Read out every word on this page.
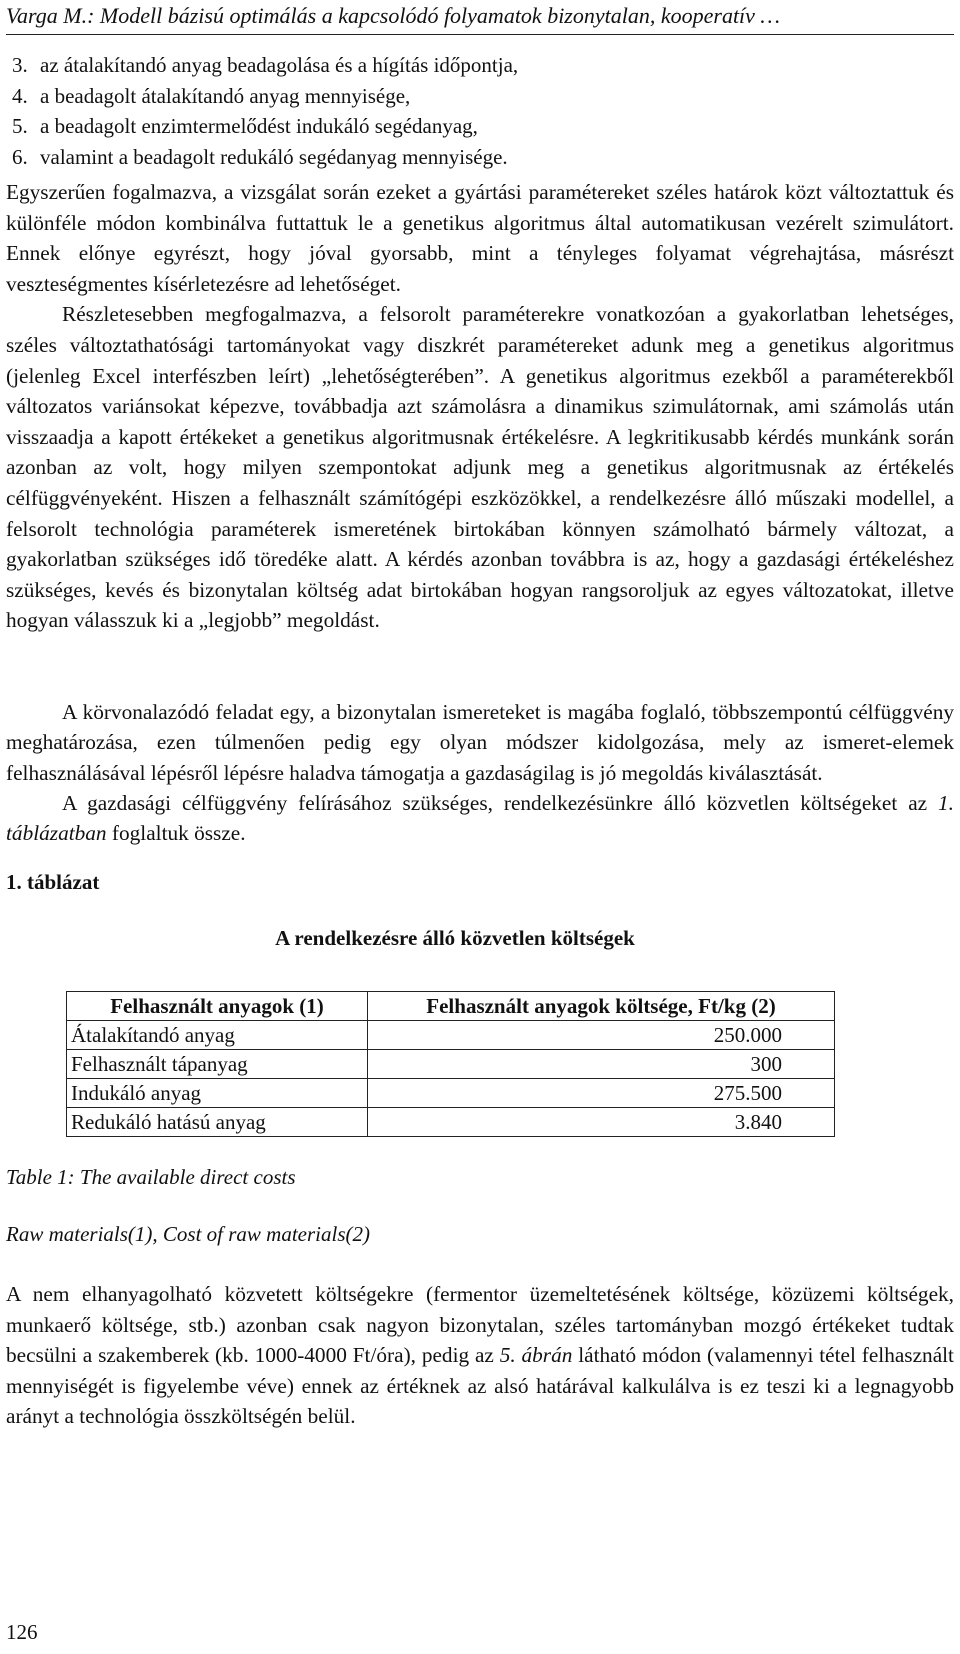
Varga M.: Modell bázisú optimálás a kapcsolódó folyamatok bizonytalan, kooperatív …
3. az átalakítandó anyag beadagolása és a hígítás időpontja,
4. a beadagolt átalakítandó anyag mennyisége,
5. a beadagolt enzimtermelődést indukáló segédanyag,
6. valamint a beadagolt redukáló segédanyag mennyisége.
Egyszerűen fogalmazva, a vizsgálat során ezeket a gyártási paramétereket széles határok közt változtattuk és különféle módon kombinálva futtattuk le a genetikus algoritmus által automatikusan vezérelt szimulátort. Ennek előnye egyrészt, hogy jóval gyorsabb, mint a tényleges folyamat végrehajtása, másrészt veszteségmentes kísérletezésre ad lehetőséget.
Részletesebben megfogalmazva, a felsorolt paraméterekre vonatkozóan a gyakorlatban lehetséges, széles változtathatósági tartományokat vagy diszkrét paramétereket adunk meg a genetikus algoritmus (jelenleg Excel interfészben leírt) „lehetőségterében”. A genetikus algoritmus ezekből a paraméterekből változatos variánsokat képezve, továbbadja azt számolásra a dinamikus szimulátornak, ami számolás után visszaadja a kapott értékeket a genetikus algoritmusnak értékelésre. A legkritikusabb kérdés munkánk során azonban az volt, hogy milyen szempontokat adjunk meg a genetikus algoritmusnak az értékelés célfüggvényeként. Hiszen a felhasznált számítógépi eszközökkel, a rendelkezésre álló műszaki modellel, a felsorolt technológia paraméterek ismeretének birtokában könnyen számolható bármely változat, a gyakorlatban szükséges idő töredéke alatt. A kérdés azonban továbbra is az, hogy a gazdasági értékeléshez szükséges, kevés és bizonytalan költség adat birtokában hogyan rangsoroljuk az egyes változatokat, illetve hogyan válasszuk ki a „legjobb” megoldást.
A körvonalazódó feladat egy, a bizonytalan ismereteket is magába foglaló, többszempontú célfüggvény meghatározása, ezen túlmenően pedig egy olyan módszer kidolgozása, mely az ismeret-elemek felhasználásával lépésről lépésre haladva támogatja a gazdaságilag is jó megoldás kiválasztását.
A gazdasági célfüggvény felírásához szükséges, rendelkezésünkre álló közvetlen költségeket az 1. táblázatban foglaltuk össze.
1. táblázat
A rendelkezésre álló közvetlen költségek
Felhasznált anyagok (1)	Felhasznált anyagok költsége, Ft/kg (2)
Átalakítandó anyag	250.000
Felhasznált tápanyag	300
Indukáló anyag	275.500
Redukáló hatású anyag	3.840
Table 1: The available direct costs
Raw materials(1), Cost of raw materials(2)
A nem elhanyagolható közvetett költségekre (fermentor üzemeltetésének költsége, közüzemi költségek, munkaerő költsége, stb.) azonban csak nagyon bizonytalan, széles tartományban mozgó értékeket tudtak becsülni a szakemberek (kb. 1000-4000 Ft/óra), pedig az 5. ábrán látható módon (valamennyi tétel felhasznált mennyiségét is figyelembe véve) ennek az értéknek az alsó határával kalkulálva is ez teszi ki a legnagyobb arányt a technológia összköltségén belül.
126
